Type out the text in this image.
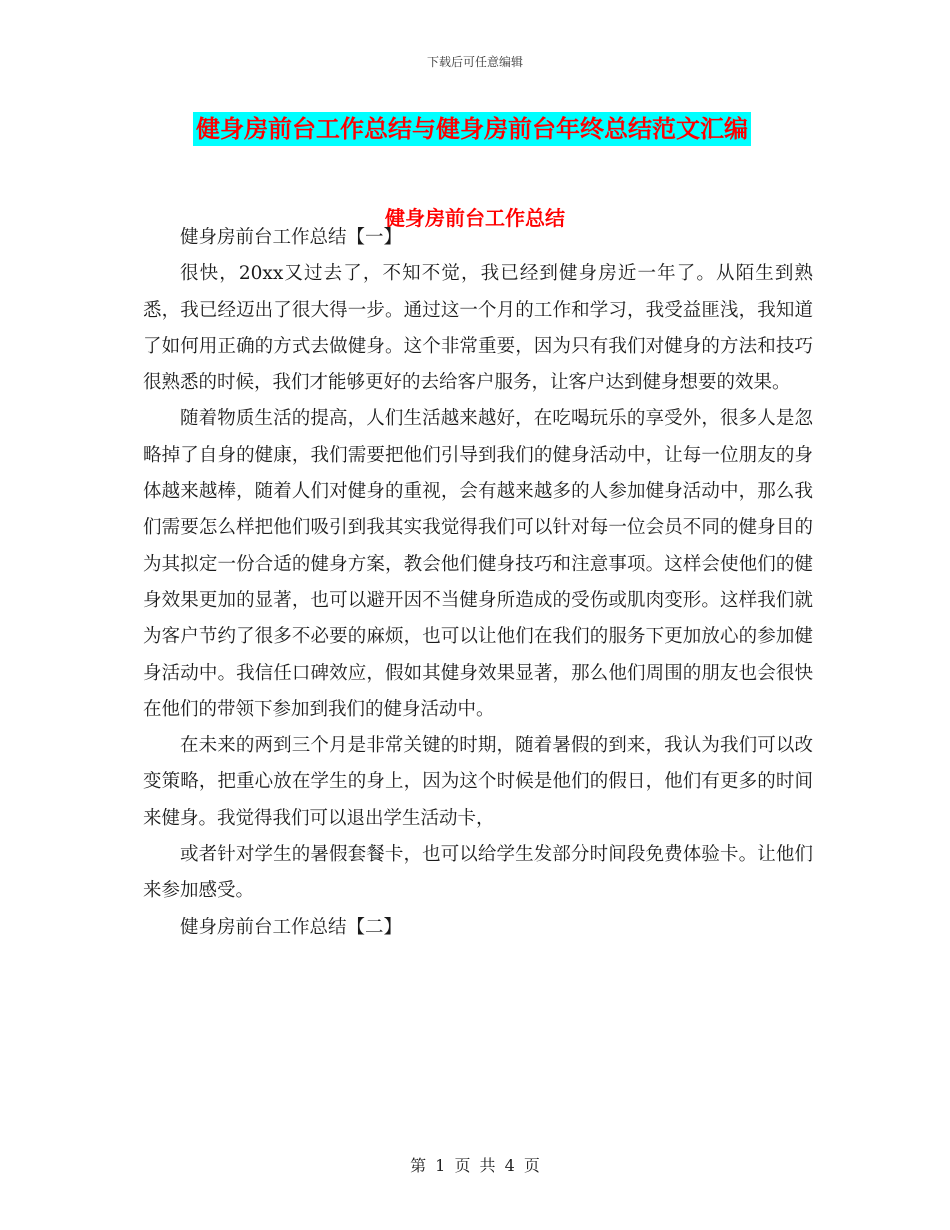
下载后可任意编辑
健身房前台工作总结与健身房前台年终总结范文汇编
健身房前台工作总结

健身房前台工作总结【一】

很快，20xx又过去了，不知不觉，我已经到健身房近一年了。从陌生到熟悉，我已经迈出了很大得一步。通过这一个月的工作和学习，我受益匪浅，我知道了如何用正确的方式去做健身。这个非常重要，因为只有我们对健身的方法和技巧很熟悉的时候，我们才能够更好的去给客户服务，让客户达到健身想要的效果。

随着物质生活的提高，人们生活越来越好，在吃喝玩乐的享受外，很多人是忽略掉了自身的健康，我们需要把他们引导到我们的健身活动中，让每一位朋友的身体越来越棒，随着人们对健身的重视，会有越来越多的人参加健身活动中，那么我们需要怎么样把他们吸引到我其实我觉得我们可以针对每一位会员不同的健身目的为其拟定一份合适的健身方案，教会他们健身技巧和注意事项。这样会使他们的健身效果更加的显著，也可以避开因不当健身所造成的受伤或肌肉变形。这样我们就为客户节约了很多不必要的麻烦，也可以让他们在我们的服务下更加放心的参加健身活动中。我信任口碑效应，假如其健身效果显著，那么他们周围的朋友也会很快在他们的带领下参加到我们的健身活动中。

在未来的两到三个月是非常关键的时期，随着暑假的到来，我认为我们可以改变策略，把重心放在学生的身上，因为这个时候是他们的假日，他们有更多的时间来健身。我觉得我们可以退出学生活动卡，

或者针对学生的暑假套餐卡，也可以给学生发部分时间段免费体验卡。让他们来参加感受。

健身房前台工作总结【二】

第 1 页 共 4 页
